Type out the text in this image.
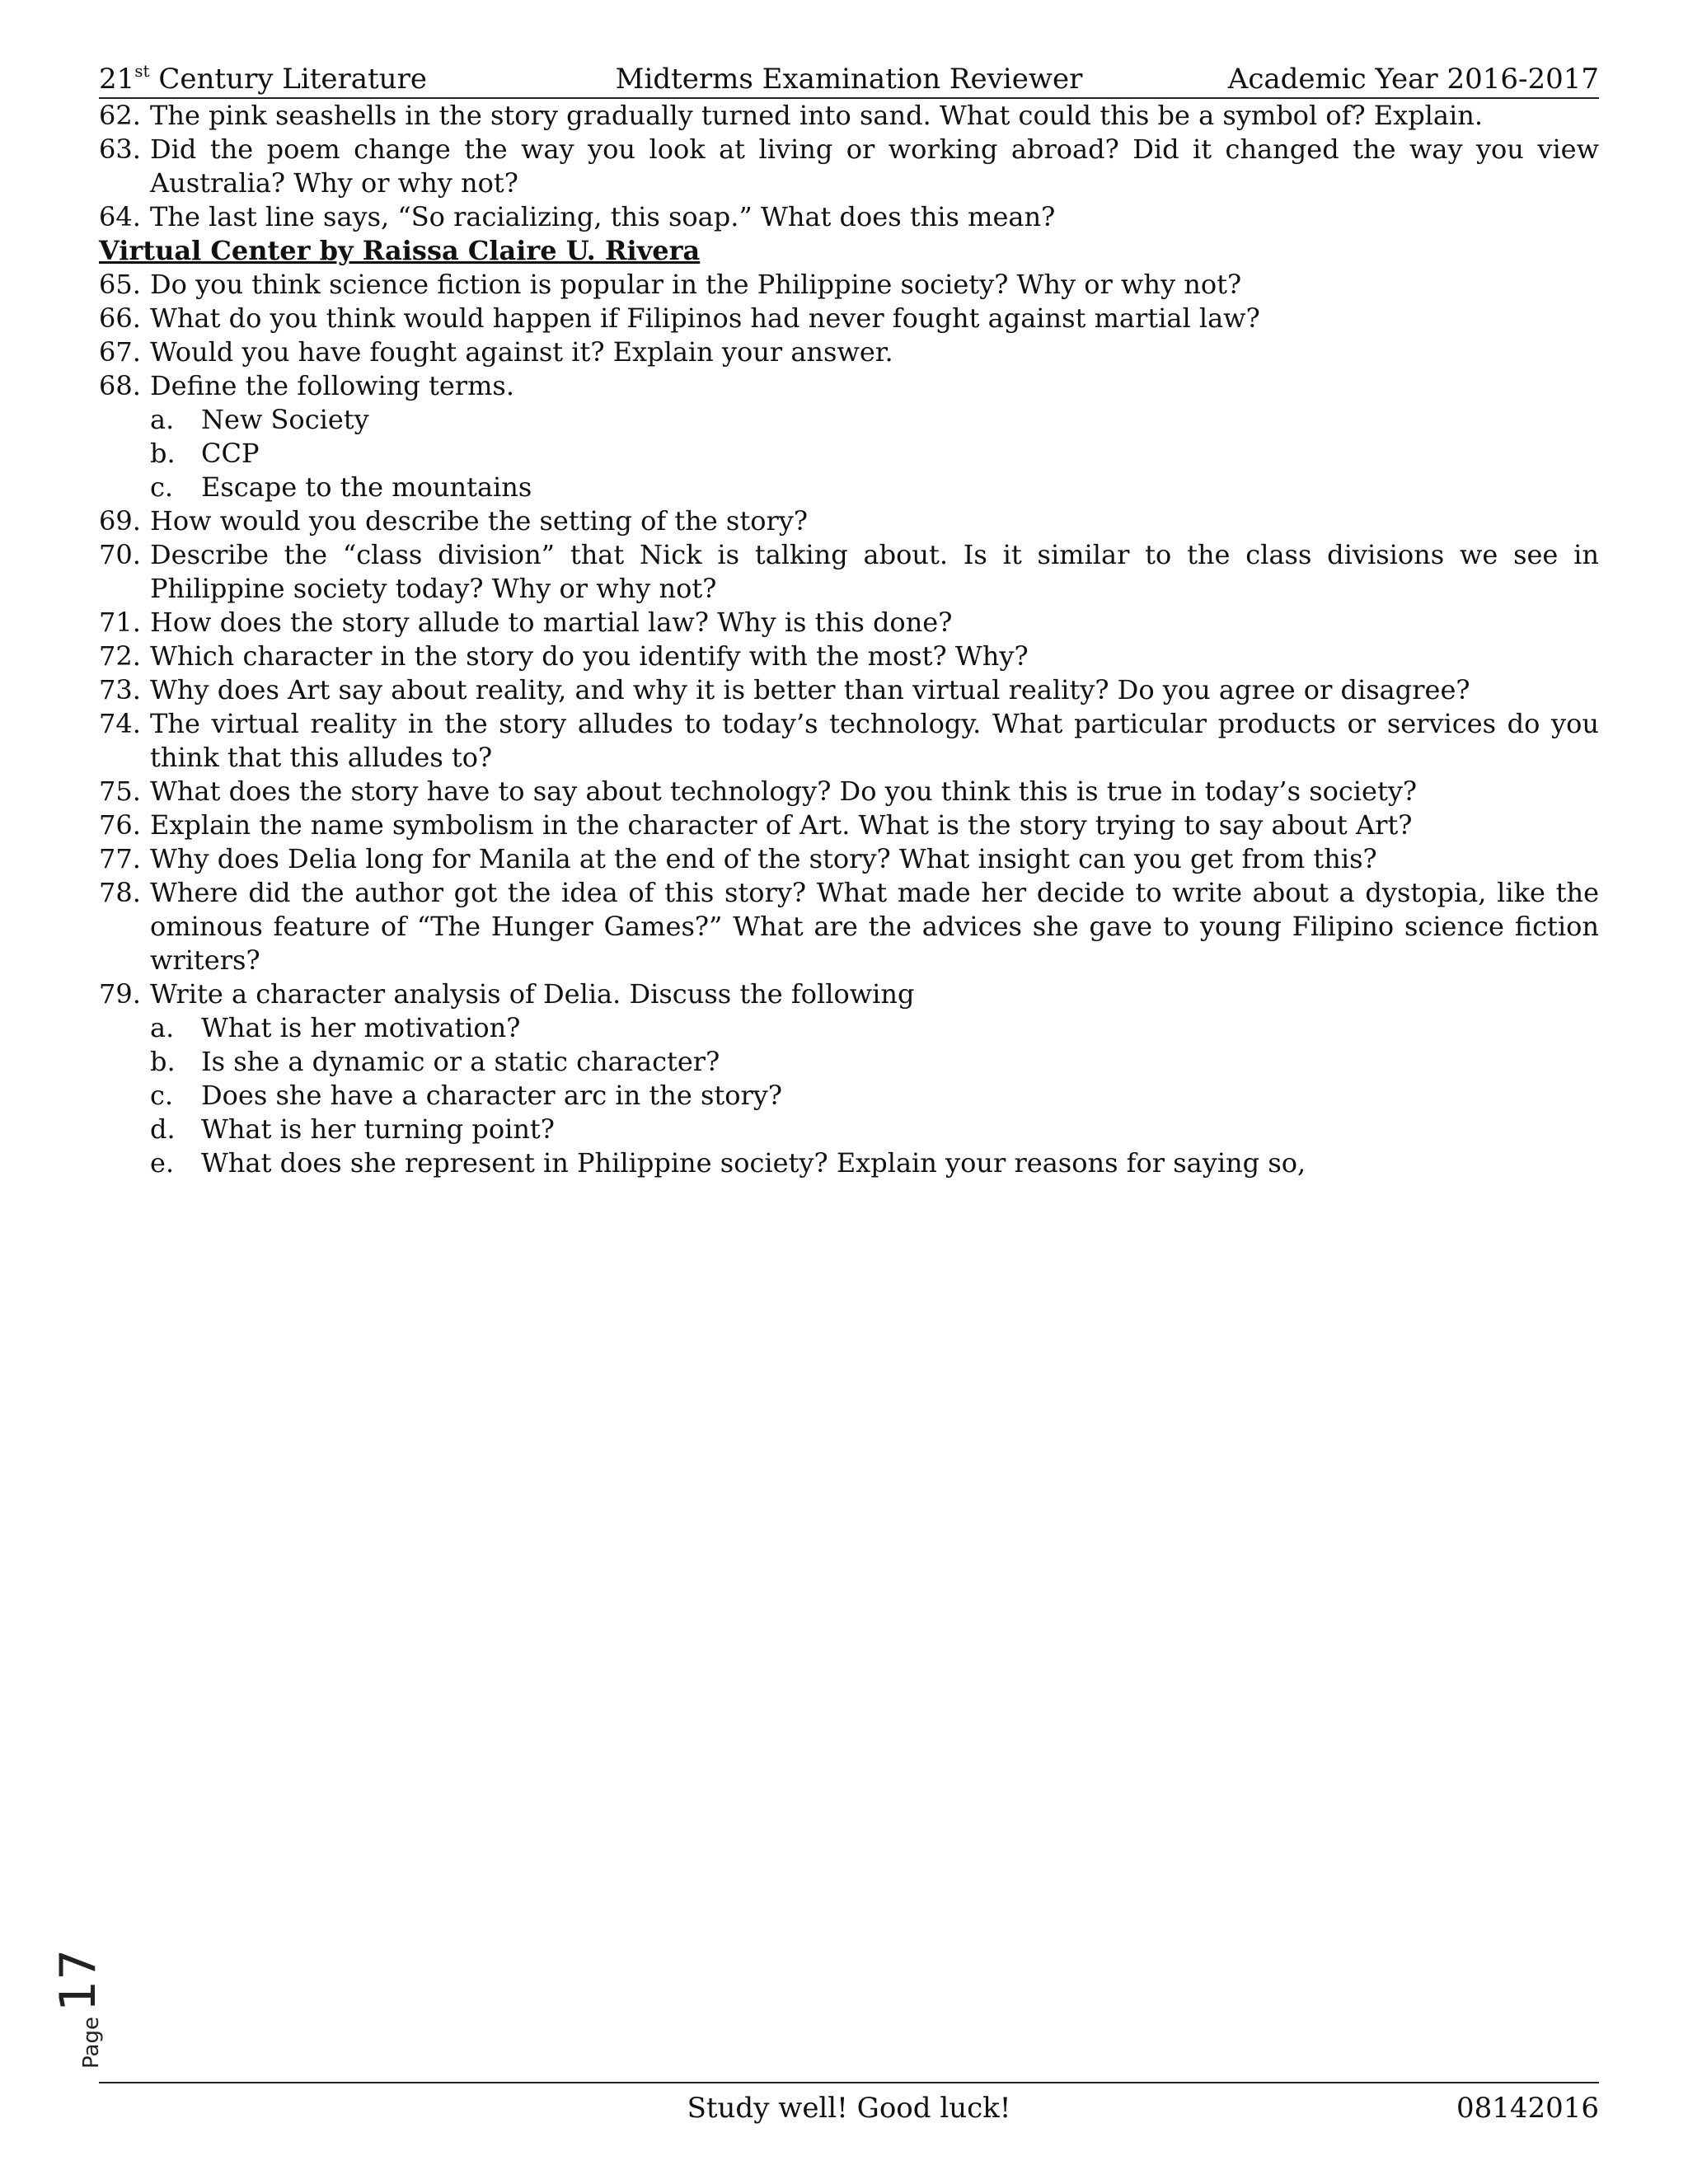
21st Century Literature	Midterms Examination Reviewer	Academic Year 2016-2017
62. The pink seashells in the story gradually turned into sand. What could this be a symbol of? Explain.
63. Did the poem change the way you look at living or working abroad? Did it changed the way you view Australia? Why or why not?
64. The last line says, “So racializing, this soap.” What does this mean?
Virtual Center by Raissa Claire U. Rivera
65. Do you think science fiction is popular in the Philippine society? Why or why not?
66. What do you think would happen if Filipinos had never fought against martial law?
67. Would you have fought against it? Explain your answer.
68. Define the following terms.
a.	New Society
b. CCP
c.	Escape to the mountains
69. How would you describe the setting of the story?
70. Describe the “class division” that Nick is talking about. Is it similar to the class divisions we see in Philippine society today? Why or why not?
71. How does the story allude to martial law? Why is this done?
72. Which character in the story do you identify with the most? Why?
73. Why does Art say about reality, and why it is better than virtual reality? Do you agree or disagree?
74. The virtual reality in the story alludes to today’s technology. What particular products or services do you think that this alludes to?
75. What does the story have to say about technology? Do you think this is true in today’s society?
76. Explain the name symbolism in the character of Art. What is the story trying to say about Art?
77. Why does Delia long for Manila at the end of the story? What insight can you get from this?
78. Where did the author got the idea of this story? What made her decide to write about a dystopia, like the ominous feature of “The Hunger Games?” What are the advices she gave to young Filipino science fiction writers?
79. Write a character analysis of Delia. Discuss the following
a.	What is her motivation?
b. Is she a dynamic or a static character?
c.	Does she have a character arc in the story?
d. What is her turning point?
e.	What does she represent in Philippine society? Explain your reasons for saying so,
Page
17
Study well! Good luck!	08142016
